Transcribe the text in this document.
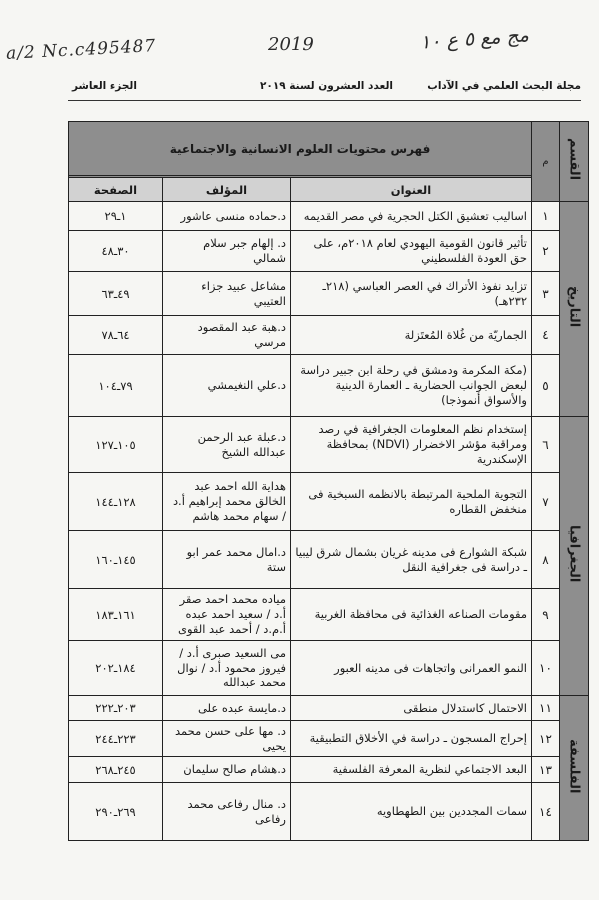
a/2 Nc.c495487	2019	مج مع ٥ ع ١٠
مجلة البحث العلمي في الآداب
العدد العشرون لسنة ٢٠١٩
الجزء العاشر
القسم	م	فهرس محتويات العلوم الانسانية والاجتماعية		

		العنوان	المؤلف	الصفحة
التاريخ	١	اساليب تعشيق الكتل الحجرية في مصر القديمه	د.حماده منسى عاشور	١ـ٢٩
	٢	تأثير قانون القومية اليهودي لعام ٢٠١٨م، على حق العودة الفلسطيني	د. إلهام جبر سلام شمالي	٣٠ـ٤٨
	٣	تزايد نفوذ الأتراك في العصر العباسي (٢١٨ـ ٢٣٢هـ)	مشاعل عبيد جزاء العتيبي	٤٩ـ٦٣
	٤	الجماريّة من غُلاة المُعتَزلة	د.هبة عبد المقصود مرسي	٦٤ـ٧٨
	٥	(مكة المكرمة ودمشق في رحلة ابن جبير دراسة لبعض الجوانب الحضارية ـ العمارة الدينية والأسواق أنموذجا)	د.علي النغيمشي	٧٩ـ١٠٤
الجغرافيا	٦	إستخدام نظم المعلومات الجغرافية في رصد ومراقبة مؤشر الاخضرار (NDVI) بمحافظة الإسكندرية	د.عبلة عبد الرحمن عبدالله الشيخ	١٠٥ـ١٢٧
	٧	التجوية الملحية المرتبطة بالانظمه السبخية فى منخفض القطاره	هداية الله احمد عبد الخالق محمد إبراهيم أ.د / سهام محمد هاشم	١٢٨ـ١٤٤
	٨	شبكة الشوارع فى مدينه غريان بشمال شرق ليبيا ـ دراسة فى جغرافية النقل	د.امال محمد عمر ابو ستة	١٤٥ـ١٦٠
	٩	مقومات الصناعه الغذائية فى محافظة الغربية	مياده محمد احمد صقر أ.د / سعيد احمد عبده أ.م.د / أحمد عبد القوى	١٦١ـ١٨٣
	١٠	النمو العمرانى واتجاهات فى مدينه العبور	مى السعيد صبرى أ.د / فيروز محمود أ.د / نوال محمد عبدالله	١٨٤ـ٢٠٢
الفلسفة	١١	الاحتمال كاستدلال منطقى	د.مايسة عبده على	٢٠٣ـ٢٢٢
	١٢	إحراج المسجون ـ دراسة في الأخلاق التطبيقية	د. مها على حسن محمد يحيى	٢٢٣ـ٢٤٤
	١٣	البعد الاجتماعي لنظرية المعرفة الفلسفية	د.هشام صالح سليمان	٢٤٥ـ٢٦٨
	١٤	سمات المجددين بين الطهطاويه	د. منال رفاعى محمد رفاعى	٢٦٩ـ٢٩٠
